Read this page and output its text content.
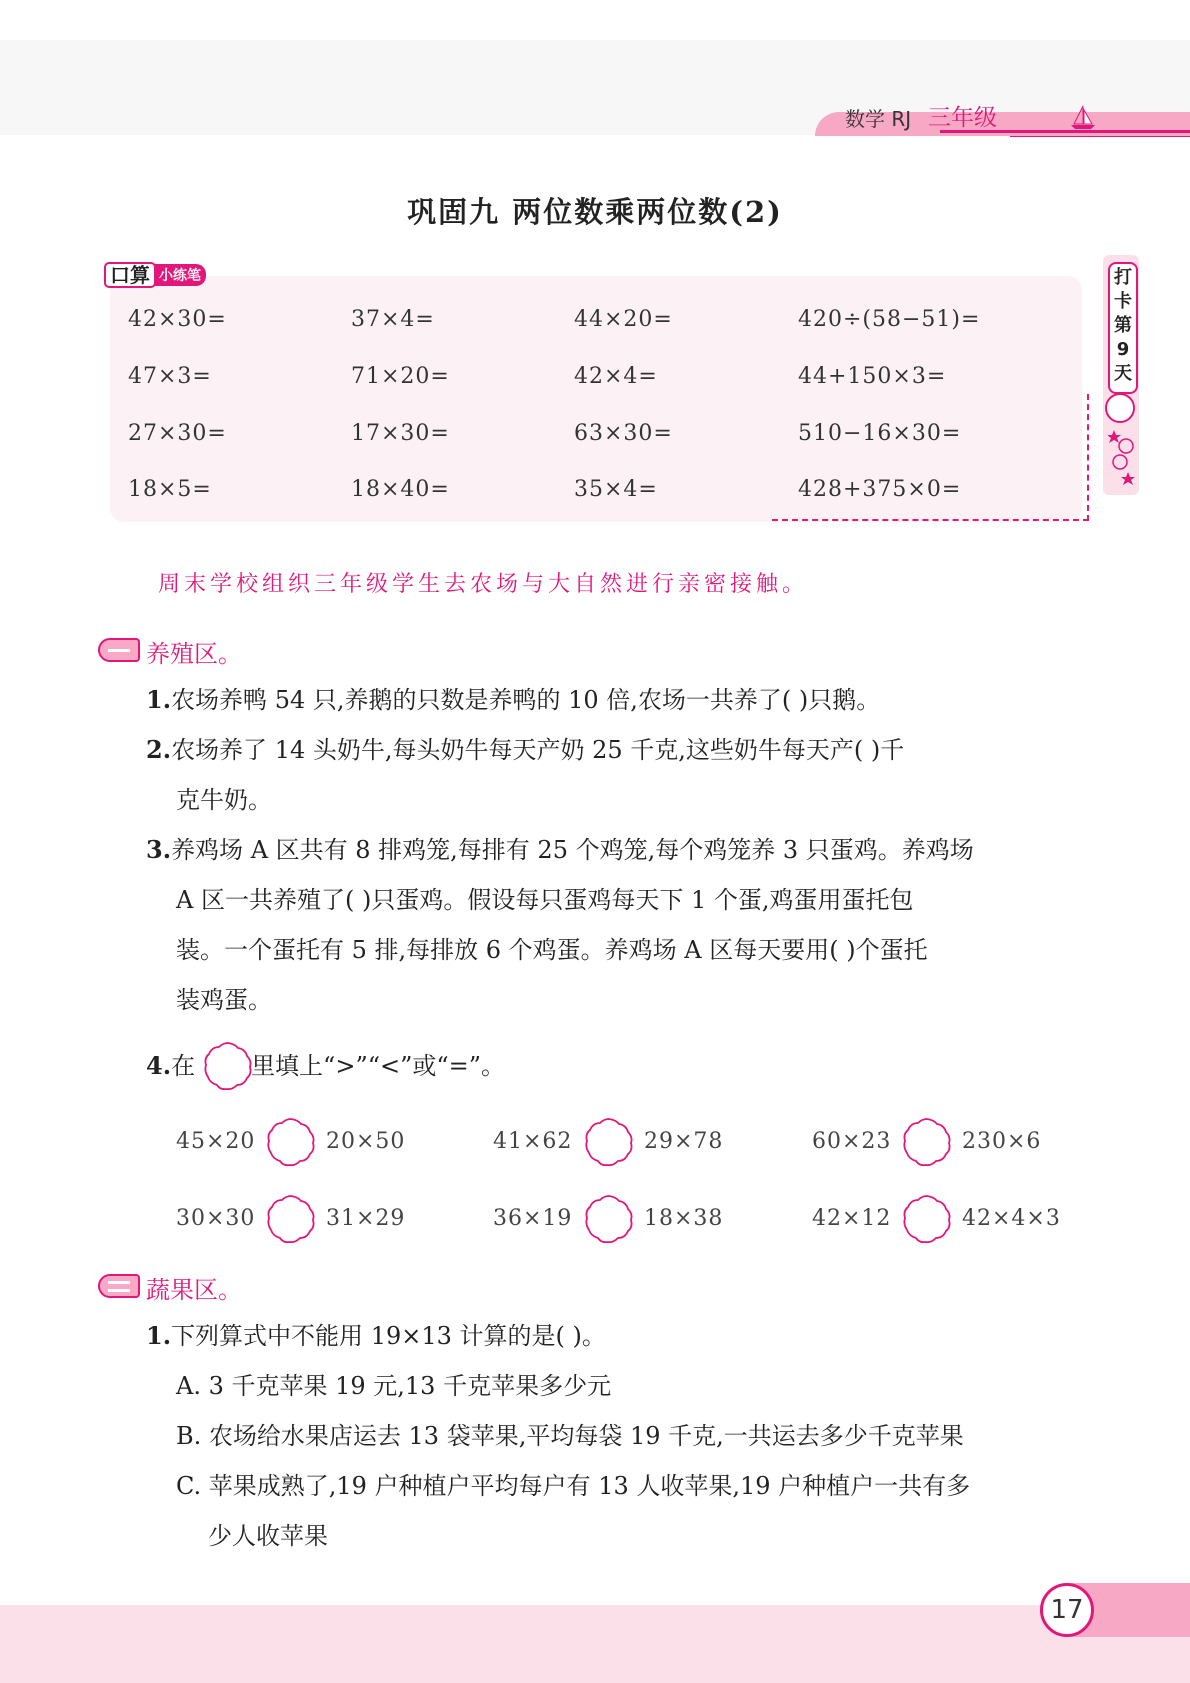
数学 RJ 三年级
巩固九 两位数乘两位数(2)
口算 小练笔
42×30=	37×4=	44×20=	420÷(58−51)=
47×3=	71×20=	42×4=	44+150×3=
27×30=	17×30=	63×30=	510−16×30=
18×5=	18×40=	35×4=	428+375×0=
打卡第9天
周末学校组织三年级学生去农场与大自然进行亲密接触。
养殖区。
1.农场养鸭 54 只,养鹅的只数是养鸭的 10 倍,农场一共养了( )只鹅。
2.农场养了 14 头奶牛,每头奶牛每天产奶 25 千克,这些奶牛每天产( )千
克牛奶。
3.养鸡场 A 区共有 8 排鸡笼,每排有 25 个鸡笼,每个鸡笼养 3 只蛋鸡。养鸡场
A 区一共养殖了( )只蛋鸡。假设每只蛋鸡每天下 1 个蛋,鸡蛋用蛋托包
装。一个蛋托有 5 排,每排放 6 个鸡蛋。养鸡场 A 区每天要用( )个蛋托
装鸡蛋。
4.在 里填上“>”“<”或“=”。
45×20	20×50	41×62	29×78	60×23	230×6
30×30	31×29	36×19	18×38	42×12	42×4×3
蔬果区。
1.下列算式中不能用 19×13 计算的是( )。
A. 3 千克苹果 19 元,13 千克苹果多少元
B. 农场给水果店运去 13 袋苹果,平均每袋 19 千克,一共运去多少千克苹果
C. 苹果成熟了,19 户种植户平均每户有 13 人收苹果,19 户种植户一共有多
少人收苹果
17
